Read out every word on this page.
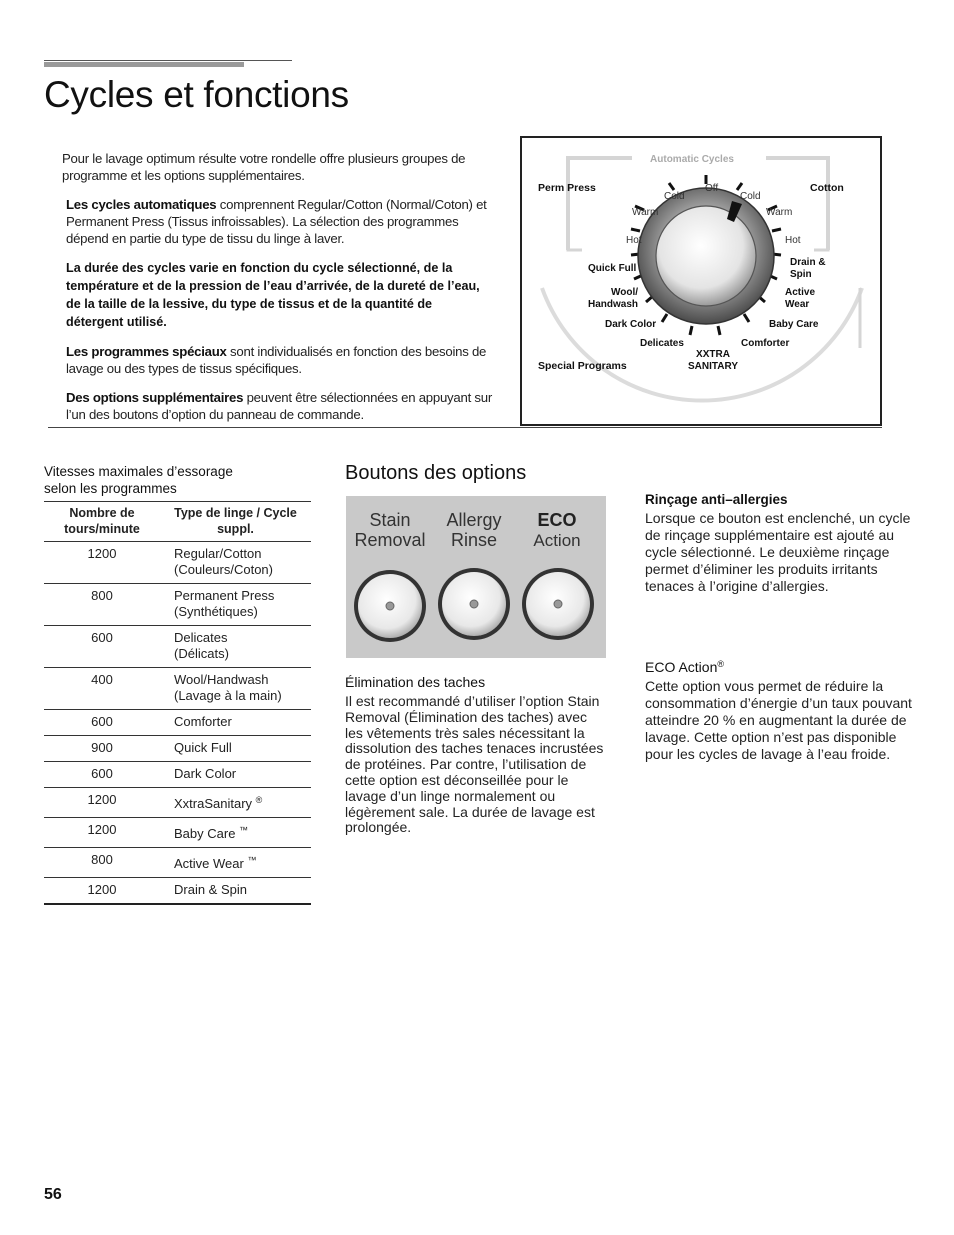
Cycles et fonctions

Pour le lavage optimum résulte votre rondelle offre plusieurs groupes de programme et les options supplémentaires.

Les cycles automatiques comprennent Regular/Cotton (Normal/Coton) et Permanent Press (Tissus infroissables). La sélection des programmes dépend en partie du type de tissu du linge à laver.

La durée des cycles varie en fonction du cycle sélectionné, de la température et de la pression de l’eau d’arrivée, de la dureté de l’eau, de la taille de la lessive, du type de tissus et de la quantité de détergent utilisé.

Les programmes spéciaux sont individualisés en fonction des besoins de lavage ou des types de tissus spécifiques.

Des options supplémentaires peuvent être sélectionnées en appuyant sur l’un des boutons d’option du panneau de commande.

Automatic Cycles
Perm Press	Cotton
Cold
Off
Cold
Warm	Warm
Hot	Hot
Quick Full
Drain &
Spin
Wool/
Handwash
Active
Wear
Dark Color	Baby Care
Delicates	Comforter
XXTRA
SANITARY
Special Programs
Vitesses maximales d’essorage
selon les programmes
Nombre de
tours/minute	Type de linge / Cycle
suppl.
1200	Regular/Cotton
(Couleurs/Coton)
800	Permanent Press
(Synthétiques)
600	Delicates
(Délicats)
400	Wool/Handwash
(Lavage à la main)
600	Comforter
900	Quick Full
600	Dark Color
1200	XxtraSanitary ®
1200	Baby Care ™
800	Active Wear ™
1200	Drain & Spin
Boutons des options
Stain
Removal
Allergy
Rinse
ECO
Action
Élimination des taches
Il est recommandé d’utiliser l’option Stain Removal (Élimination des taches) avec les vêtements très sales nécessitant la dissolution des taches tenaces incrustées de protéines. Par contre, l’utilisation de cette option est déconseillée pour le lavage d’un linge normalement ou légèrement sale. La durée de lavage est prolongée.
Rinçage anti–allergies
Lorsque ce bouton est enclenché, un cycle de rinçage supplémentaire est ajouté au cycle sélectionné. Le deuxième rinçage permet d’éliminer les produits irritants tenaces à l’origine d’allergies.
ECO Action®
Cette option vous permet de réduire la consommation d’énergie d’un taux pouvant atteindre 20 % en augmentant la durée de lavage. Cette option n’est pas disponible pour les cycles de lavage à l’eau froide.
56
